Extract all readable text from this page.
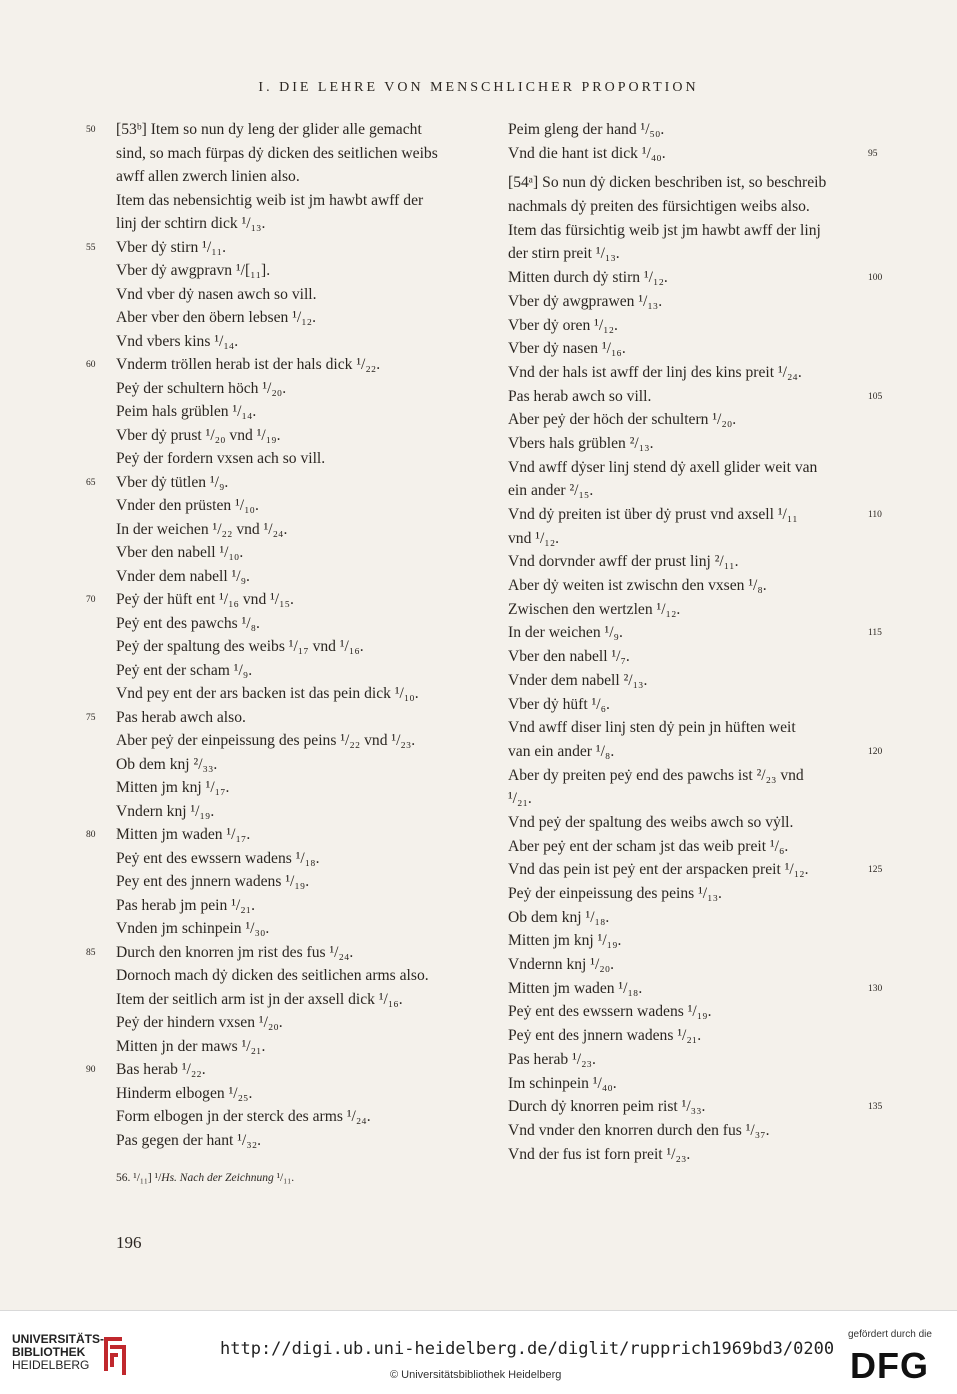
I. DIE LEHRE VON MENSCHLICHER PROPORTION
50	[53ᵇ] Item so nun dy leng der glider alle gemacht
sind, so mach fürpas dẏ dicken des seitlichen weibs
awff allen zwerch linien also.
Item das nebensichtig weib ist jm hawbt awff der
linj der schtirn dick ¹/₁₃.
55	Vber dẏ stirn ¹/₁₁.
Vber dẏ awgpravn ¹/[₁₁].
Vnd vber dẏ nasen awch so vill.
Aber vber den öbern lebsen ¹/₁₂.
Vnd vbers kins ¹/₁₄.
60	Vnderm tröllen herab ist der hals dick ¹/₂₂.
Peẏ der schultern höch ¹/₂₀.
Peim hals grüblen ¹/₁₄.
Vber dẏ prust ¹/₂₀ vnd ¹/₁₉.
Peẏ der fordern vxsen ach so vill.
65	Vber dẏ tütlen ¹/₉.
Vnder den prüsten ¹/₁₀.
In der weichen ¹/₂₂ vnd ¹/₂₄.
Vber den nabell ¹/₁₀.
Vnder dem nabell ¹/₉.
70	Peẏ der hüft ent ¹/₁₆ vnd ¹/₁₅.
Peẏ ent des pawchs ¹/₈.
Peẏ der spaltung des weibs ¹/₁₇ vnd ¹/₁₆.
Peẏ ent der scham ¹/₉.
Vnd pey ent der ars backen ist das pein dick ¹/₁₀.
75	Pas herab awch also.
Aber peẏ der einpeissung des peins ¹/₂₂ vnd ¹/₂₃.
Ob dem knj ²/₃₃.
Mitten jm knj ¹/₁₇.
Vndern knj ¹/₁₉.
80	Mitten jm waden ¹/₁₇.
Peẏ ent des ewssern wadens ¹/₁₈.
Pey ent des jnnern wadens ¹/₁₉.
Pas herab jm pein ¹/₂₁.
Vnden jm schinpein ¹/₃₀.
85	Durch den knorren jm rist des fus ¹/₂₄.
Dornoch mach dẏ dicken des seitlichen arms also.
Item der seitlich arm ist jn der axsell dick ¹/₁₆.
Peẏ der hindern vxsen ¹/₂₀.
Mitten jn der maws ¹/₂₁.
90	Bas herab ¹/₂₂.
Hinderm elbogen ¹/₂₅.
Form elbogen jn der sterck des arms ¹/₂₄.
Pas gegen der hant ¹/₃₂.
Peim gleng der hand ¹/₅₀.
95
Vnd die hant ist dick ¹/₄₀.
[54ᵃ] So nun dẏ dicken beschriben ist, so beschreib
nachmals dẏ preiten des fürsichtigen weibs also.
Item das fürsichtig weib jst jm hawbt awff der linj
der stirn preit ¹/₁₃.
100
Mitten durch dẏ stirn ¹/₁₂.
Vber dẏ awgprawen ¹/₁₃.
Vber dẏ oren ¹/₁₂.
Vber dẏ nasen ¹/₁₆.
Vnd der hals ist awff der linj des kins preit ¹/₂₄.
105
Pas herab awch so vill.
Aber peẏ der höch der schultern ¹/₂₀.
Vbers hals grüblen ²/₁₃.
Vnd awff dẏser linj stend dẏ axell glider weit van
ein ander ²/₁₅.
110
Vnd dẏ preiten ist über dẏ prust vnd axsell ¹/₁₁
vnd ¹/₁₂.
Vnd dorvnder awff der prust linj ²/₁₁.
Aber dẏ weiten ist zwischn den vxsen ¹/₈.
Zwischen den wertzlen ¹/₁₂.
115
In der weichen ¹/₉.
Vber den nabell ¹/₇.
Vnder dem nabell ²/₁₃.
Vber dẏ hüft ¹/₆.
Vnd awff diser linj sten dẏ pein jn hüften weit
120
van ein ander ¹/₈.
Aber dy preiten peẏ end des pawchs ist ²/₂₃ vnd
¹/₂₁.
Vnd peẏ der spaltung des weibs awch so vẏll.
Aber peẏ ent der scham jst das weib preit ¹/₆.
125
Vnd das pein ist peẏ ent der arspacken preit ¹/₁₂.
Peẏ der einpeissung des peins ¹/₁₃.
Ob dem knj ¹/₁₈.
Mitten jm knj ¹/₁₉.
Vndernn knj ¹/₂₀.
130
Mitten jm waden ¹/₁₈.
Peẏ ent des ewssern wadens ¹/₁₉.
Peẏ ent des jnnern wadens ¹/₂₁.
Pas herab ¹/₂₃.
Im schinpein ¹/₄₀.
135
Durch dẏ knorren peim rist ¹/₃₃.
Vnd vnder den knorren durch den fus ¹/₃₇.
Vnd der fus ist forn preit ¹/₂₃.
56. ¹/₁₁] ¹/Hs. Nach der Zeichnung ¹/₁₁.
196
UNIVERSITÄTS-
BIBLIOTHEK
HEIDELBERG
http://digi.ub.uni-heidelberg.de/diglit/rupprich1969bd3/0200
© Universitätsbibliothek Heidelberg
gefördert durch die
DFG
